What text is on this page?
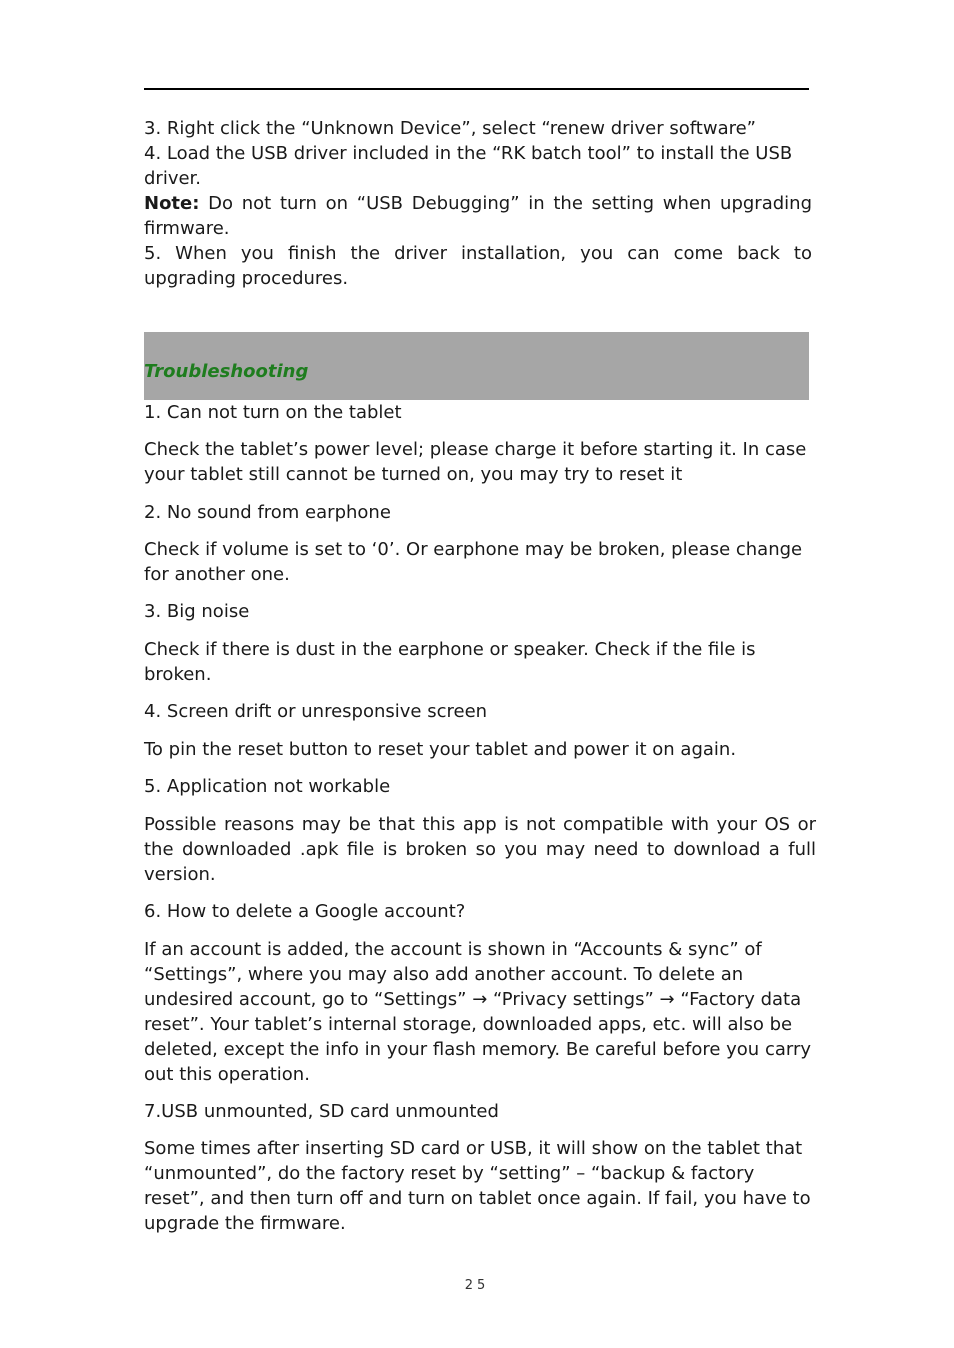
3. Right click the “Unknown Device”, select “renew driver software”

4. Load the USB driver included in the “RK batch tool” to install the USB driver.

Note: Do not turn on “USB Debugging” in the setting when upgrading firmware.

5. When you finish the driver installation, you can come back to upgrading procedures.

Troubleshooting

1. Can not turn on the tablet

Check the tablet’s power level; please charge it before starting it. In case your tablet still cannot be turned on, you may try to reset it

2. No sound from earphone

Check if volume is set to ‘0’. Or earphone may be broken, please change for another one.

3. Big noise

Check if there is dust in the earphone or speaker. Check if the file is broken.

4. Screen drift or unresponsive screen

To pin the reset button to reset your tablet and power it on again.

5. Application not workable

Possible reasons may be that this app is not compatible with your OS or the downloaded .apk file is broken so you may need to download a full version.

6. How to delete a Google account?

If an account is added, the account is shown in “Accounts & sync” of “Settings”, where you may also add another account. To delete an undesired account, go to “Settings” → “Privacy settings” → “Factory data reset”. Your tablet’s internal storage, downloaded apps, etc. will also be deleted, except the info in your flash memory. Be careful before you carry out this operation.

7.USB unmounted, SD card unmounted

Some times after inserting SD card or USB, it will show on the tablet that “unmounted”, do the factory reset by “setting” – “backup & factory reset”, and then turn off and turn on tablet once again. If fail, you have to upgrade the firmware.

25
